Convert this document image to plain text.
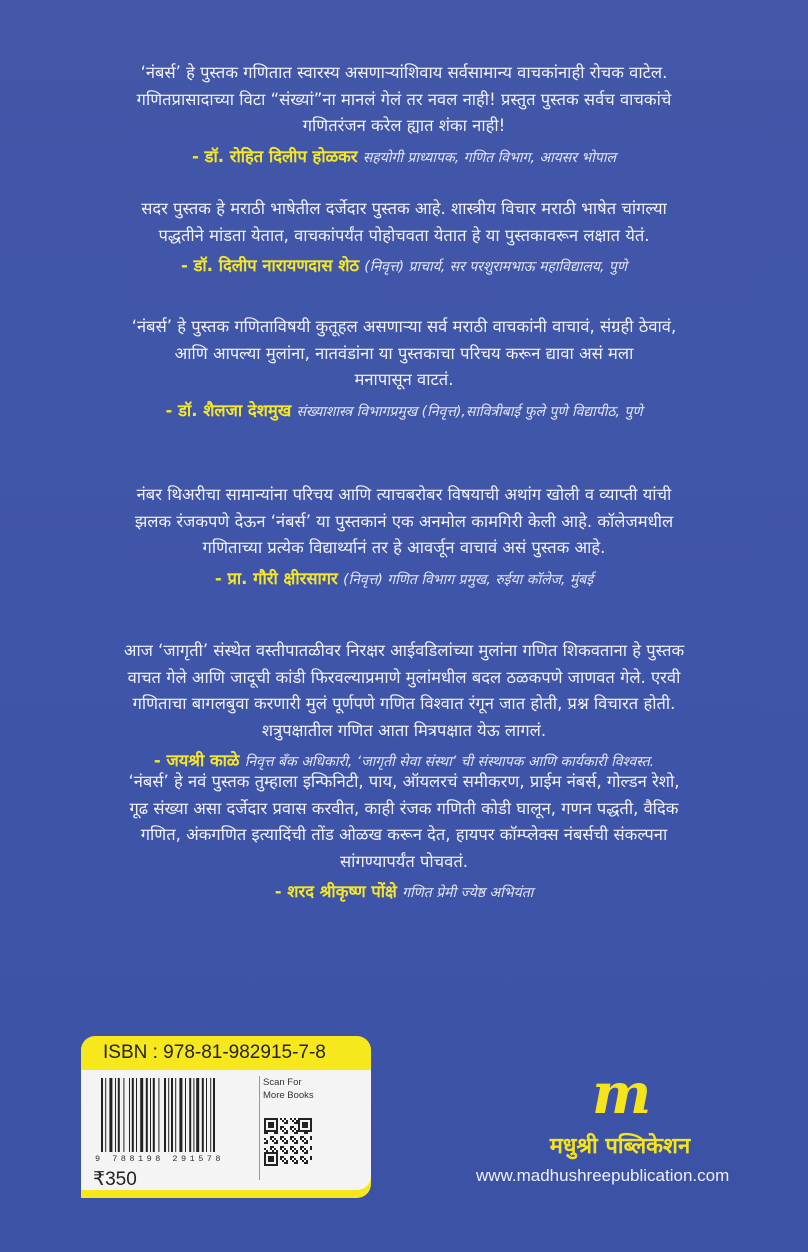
‘नंबर्स’ हे पुस्तक गणितात स्वारस्य असणाऱ्यांशिवाय सर्वसामान्य वाचकांनाही रोचक वाटेल.
गणितप्रासादाच्या विटा “संख्यां”ना मानलं गेलं तर नवल नाही! प्रस्तुत पुस्तक सर्वच वाचकांचे
गणितरंजन करेल ह्यात शंका नाही!
- डॉ. रोहित दिलीप होळकर सहयोगी प्राध्यापक, गणित विभाग, आयसर भोपाल
सदर पुस्तक हे मराठी भाषेतील दर्जेदार पुस्तक आहे. शास्त्रीय विचार मराठी भाषेत चांगल्या
पद्धतीने मांडता येतात, वाचकांपर्यंत पोहोचवता येतात हे या पुस्तकावरून लक्षात येतं.
- डॉ. दिलीप नारायणदास शेठ (निवृत्त) प्राचार्य, सर परशुरामभाऊ महाविद्यालय, पुणे
‘नंबर्स’ हे पुस्तक गणिताविषयी कुतूहल असणाऱ्या सर्व मराठी वाचकांनी वाचावं, संग्रही ठेवावं,
आणि आपल्या मुलांना, नातवंडांना या पुस्तकाचा परिचय करून द्यावा असं मला
मनापासून वाटतं.
- डॉ. शैलजा देशमुख संख्याशास्त्र विभागप्रमुख (निवृत्त),सावित्रीबाई फुले पुणे विद्यापीठ, पुणे
नंबर थिअरीचा सामान्यांना परिचय आणि त्याचबरोबर विषयाची अथांग खोली व व्याप्ती यांची
झलक रंजकपणे देऊन ‘नंबर्स’ या पुस्तकानं एक अनमोल कामगिरी केली आहे. कॉलेजमधील
गणिताच्या प्रत्येक विद्यार्थ्यानं तर हे आवर्जून वाचावं असं पुस्तक आहे.
- प्रा. गौरी क्षीरसागर (निवृत्त) गणित विभाग प्रमुख, रुईया कॉलेज, मुंबई
आज ‘जागृती’ संस्थेत वस्तीपातळीवर निरक्षर आईवडिलांच्या मुलांना गणित शिकवताना हे पुस्तक
वाचत गेले आणि जादूची कांडी फिरवल्याप्रमाणे मुलांमधील बदल ठळकपणे जाणवत गेले. एरवी
गणिताचा बागलबुवा करणारी मुलं पूर्णपणे गणित विश्वात रंगून जात होती, प्रश्न विचारत होती.
शत्रुपक्षातील गणित आता मित्रपक्षात येऊ लागलं.
- जयश्री काळे निवृत्त बँक अधिकारी, ‘जागृती सेवा संस्था’ ची संस्थापक आणि कार्यकारी विश्वस्त.
‘नंबर्स’ हे नवं पुस्तक तुम्हाला इन्फिनिटी, पाय, ऑयलरचं समीकरण, प्राईम नंबर्स, गोल्डन रेशो,
गूढ संख्या असा दर्जेदार प्रवास करवीत, काही रंजक गणिती कोडी घालून, गणन पद्धती, वैदिक
गणित, अंकगणित इत्यादिंची तोंड ओळख करून देत, हायपर कॉम्प्लेक्स नंबर्सची संकल्पना
सांगण्यापर्यंत पोचवतं.
- शरद श्रीकृष्ण पोंक्षे गणित प्रेमी ज्येष्ठ अभियंता
ISBN : 978-81-982915-7-8
9 788198 291578
₹350
Scan For
More Books	m
मधुश्री पब्लिकेशन
www.madhushreepublication.com
